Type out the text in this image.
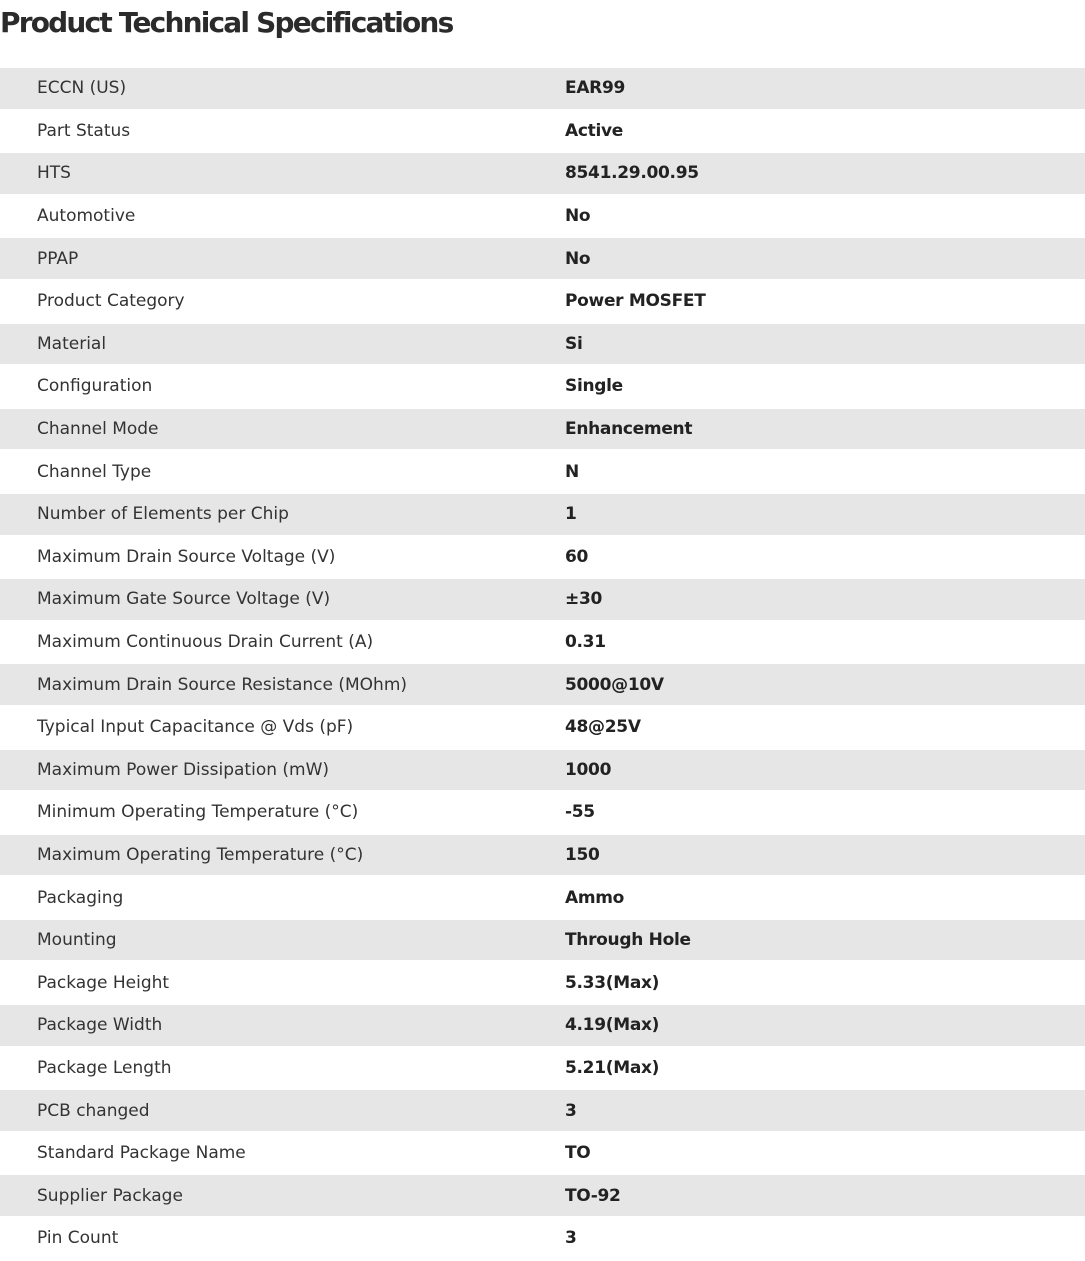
Product Technical Specifications
ECCN (US)	EAR99
Part Status	Active
HTS	8541.29.00.95
Automotive	No
PPAP	No
Product Category	Power MOSFET
Material	Si
Configuration	Single
Channel Mode	Enhancement
Channel Type	N
Number of Elements per Chip	1
Maximum Drain Source Voltage (V)	60
Maximum Gate Source Voltage (V)	±30
Maximum Continuous Drain Current (A)	0.31
Maximum Drain Source Resistance (MOhm)	5000@10V
Typical Input Capacitance @ Vds (pF)	48@25V
Maximum Power Dissipation (mW)	1000
Minimum Operating Temperature (°C)	-55
Maximum Operating Temperature (°C)	150
Packaging	Ammo
Mounting	Through Hole
Package Height	5.33(Max)
Package Width	4.19(Max)
Package Length	5.21(Max)
PCB changed	3
Standard Package Name	TO
Supplier Package	TO-92
Pin Count	3
